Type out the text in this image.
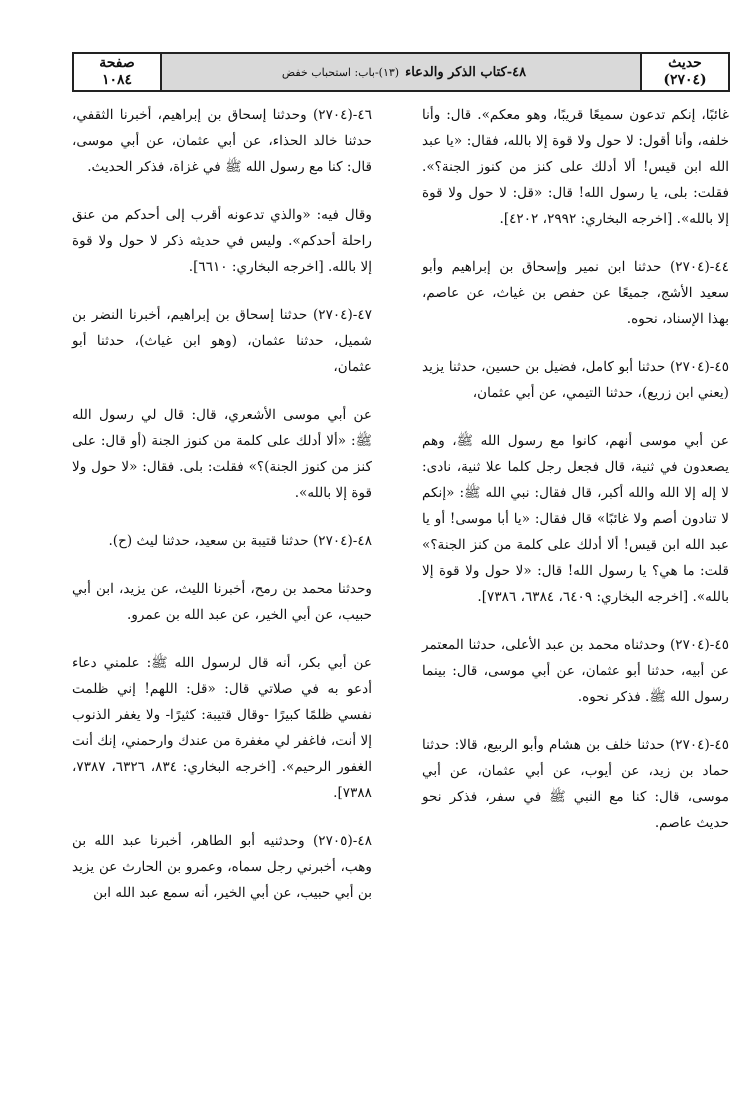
حديث
(٢٧٠٤)
٤٨-كتاب الذكر والدعاء
(١٣)-باب: استحباب خفض
صفحة
١٠٨٤

غائبًا، إنكم تدعون سميعًا قريبًا، وهو معكم». قال: وأنا خلفه، وأنا أقول: لا حول ولا قوة إلا بالله، فقال: «يا عبد الله ابن قيس! ألا أدلك على كنز من كنوز الجنة؟». فقلت: بلى، يا رسول الله! قال: «قل: لا حول ولا قوة إلا بالله». [اخرجه البخاري: ٢٩٩٢، ٤٢٠٢].

٤٤-(٢٧٠٤) حدثنا ابن نمير وإسحاق بن إبراهيم وأبو سعيد الأشج، جميعًا عن حفص بن غياث، عن عاصم، بهذا الإسناد، نحوه.

٤٥-(٢٧٠٤) حدثنا أبو كامل، فضيل بن حسين، حدثنا يزيد (يعني ابن زريع)، حدثنا التيمي، عن أبي عثمان،

عن أبي موسى أنهم، كانوا مع رسول الله ﷺ، وهم يصعدون في ثنية، قال فجعل رجل كلما علا ثنية، نادى: لا إله إلا الله والله أكبر، قال فقال: نبي الله ﷺ: «إنكم لا تنادون أصم ولا غائبًا» قال فقال: «يا أبا موسى! أو يا عبد الله ابن قيس! ألا أدلك على كلمة من كنز الجنة؟» قلت: ما هي؟ يا رسول الله! قال: «لا حول ولا قوة إلا بالله». [اخرجه البخاري: ٦٤٠٩، ٦٣٨٤، ٧٣٨٦].

٤٥-(٢٧٠٤) وحدثناه محمد بن عبد الأعلى، حدثنا المعتمر عن أبيه، حدثنا أبو عثمان، عن أبي موسى، قال: بينما رسول الله ﷺ. فذكر نحوه.

٤٥-(٢٧٠٤) حدثنا خلف بن هشام وأبو الربيع، قالا: حدثنا حماد بن زيد، عن أيوب، عن أبي عثمان، عن أبي موسى، قال: كنا مع النبي ﷺ في سفر، فذكر نحو حديث عاصم.

٤٦-(٢٧٠٤) وحدثنا إسحاق بن إبراهيم، أخبرنا الثقفي، حدثنا خالد الحذاء، عن أبي عثمان، عن أبي موسى، قال: كنا مع رسول الله ﷺ في غزاة، فذكر الحديث.

وقال فيه: «والذي تدعونه أقرب إلى أحدكم من عنق راحلة أحدكم». وليس في حديثه ذكر لا حول ولا قوة إلا بالله. [اخرجه البخاري: ٦٦١٠].

٤٧-(٢٧٠٤) حدثنا إسحاق بن إبراهيم، أخبرنا النضر بن شميل، حدثنا عثمان، (وهو ابن غياث)، حدثنا أبو عثمان،

عن أبي موسى الأشعري، قال: قال لي رسول الله ﷺ: «ألا أدلك على كلمة من كنوز الجنة (أو قال: على كنز من كنوز الجنة)؟» فقلت: بلى. فقال: «لا حول ولا قوة إلا بالله».

٤٨-(٢٧٠٤) حدثنا قتيبة بن سعيد، حدثنا ليث (ح).

وحدثنا محمد بن رمح، أخبرنا الليث، عن يزيد، ابن أبي حبيب، عن أبي الخير، عن عبد الله بن عمرو.

عن أبي بكر، أنه قال لرسول الله ﷺ: علمني دعاء أدعو به في صلاتي قال: «قل: اللهم! إني ظلمت نفسي ظلمًا كبيرًا -وقال قتيبة: كثيرًا- ولا يغفر الذنوب إلا أنت، فاغفر لي مغفرة من عندك وارحمني، إنك أنت الغفور الرحيم». [اخرجه البخاري: ٨٣٤، ٦٣٢٦، ٧٣٨٧، ٧٣٨٨].

٤٨-(٢٧٠٥) وحدثنيه أبو الطاهر، أخبرنا عبد الله بن وهب، أخبرني رجل سماه، وعمرو بن الحارث عن يزيد بن أبي حبيب، عن أبي الخير، أنه سمع عبد الله ابن
